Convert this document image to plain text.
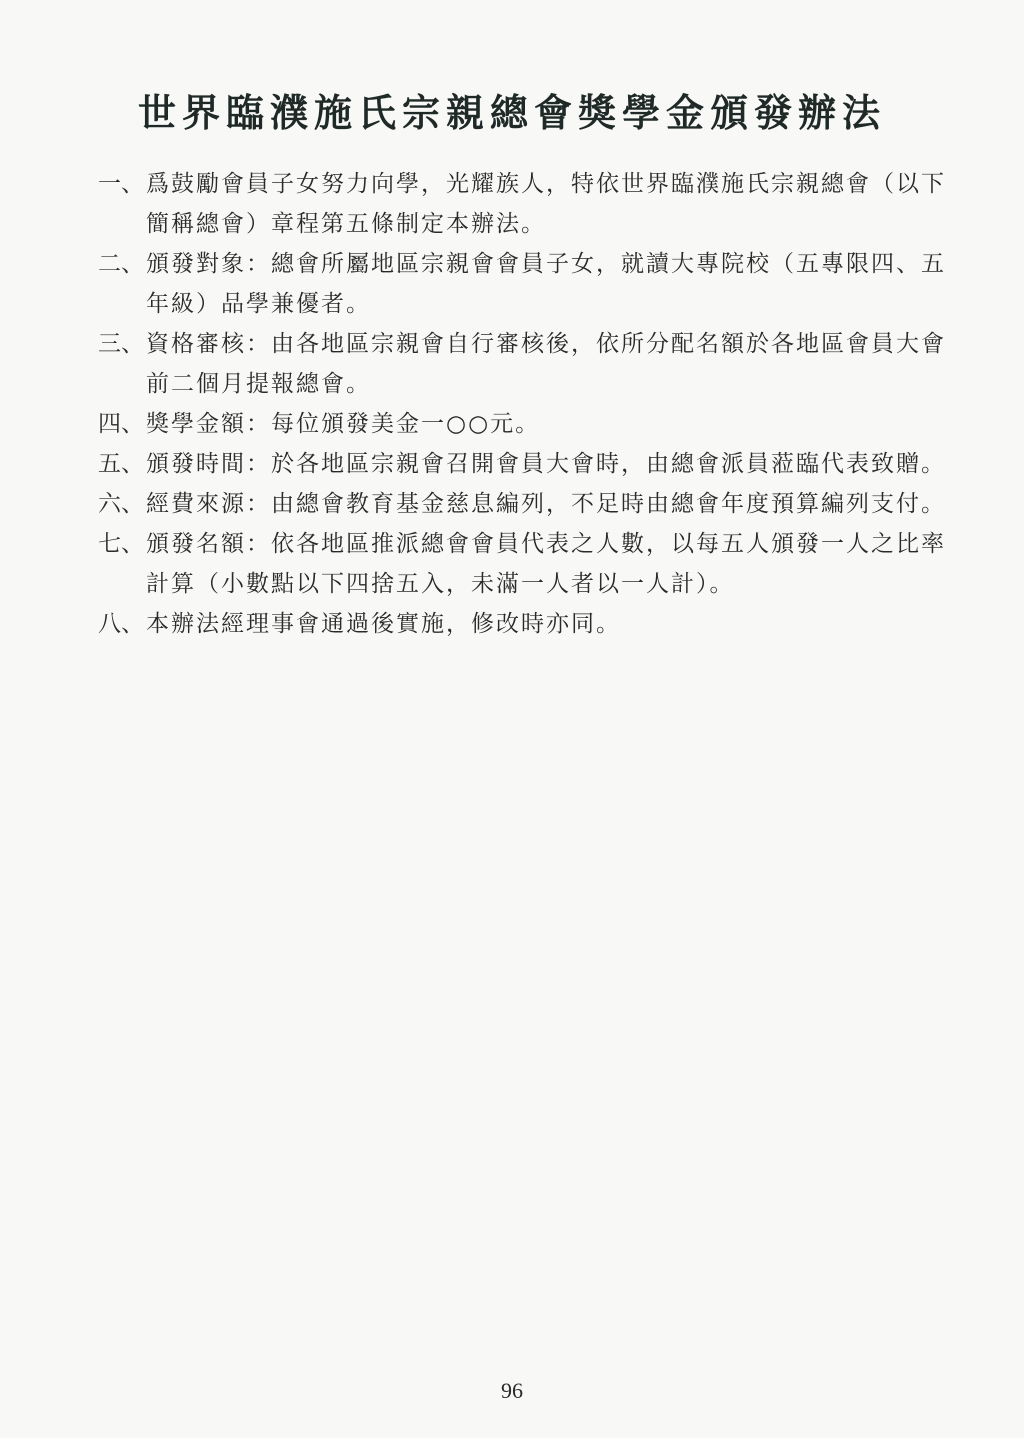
世界臨濮施氏宗親總會獎學金頒發辦法
一、 爲鼓勵會員子女努力向學，光耀族人，特依世界臨濮施氏宗親總會（以下簡稱總會）章程第五條制定本辦法。
二、 頒發對象：總會所屬地區宗親會會員子女，就讀大專院校（五專限四、五年級）品學兼優者。
三、 資格審核：由各地區宗親會自行審核後，依所分配名額於各地區會員大會前二個月提報總會。
四、 獎學金額：每位頒發美金一○○元。
五、 頒發時間：於各地區宗親會召開會員大會時，由總會派員蒞臨代表致贈。
六、 經費來源：由總會教育基金慈息編列，不足時由總會年度預算編列支付。
七、 頒發名額：依各地區推派總會會員代表之人數，以每五人頒發一人之比率計算（小數點以下四捨五入，未滿一人者以一人計）。
八、 本辦法經理事會通過後實施，修改時亦同。
96
